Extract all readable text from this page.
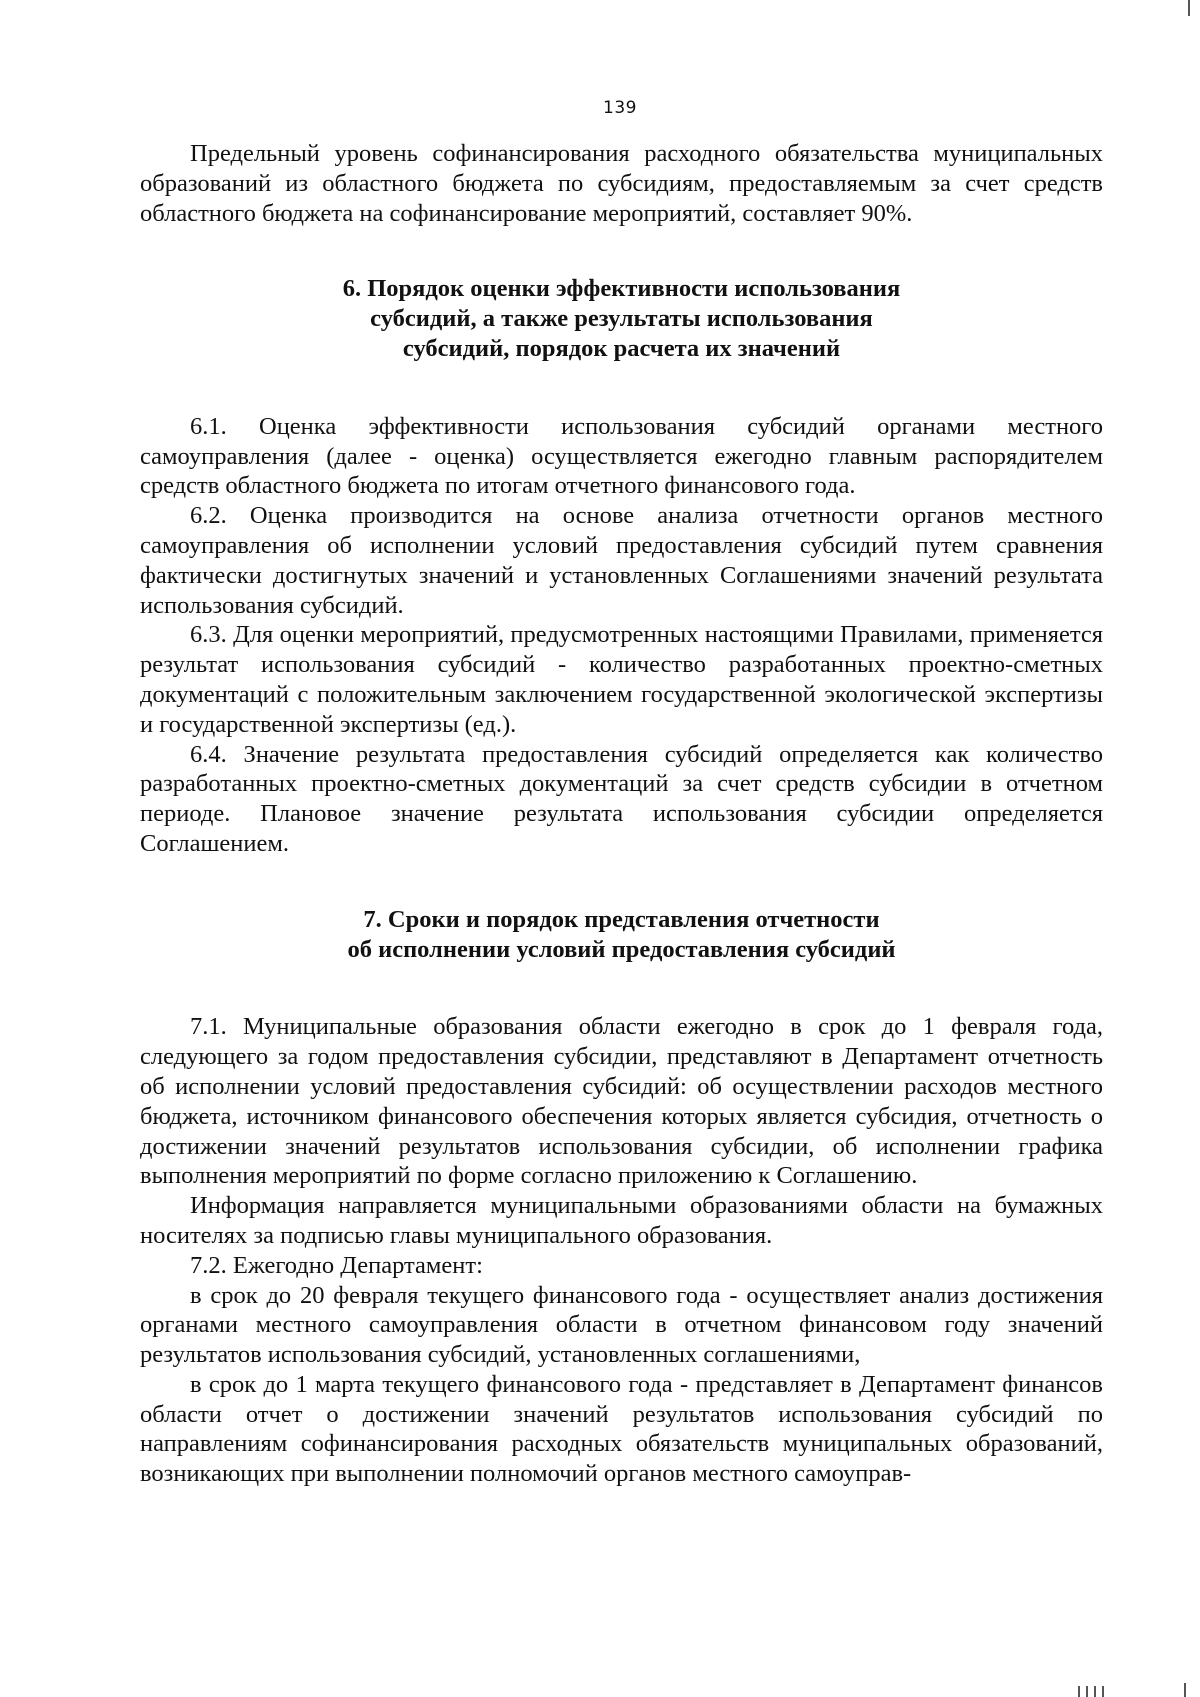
139

Предельный уровень софинансирования расходного обязательства муниципальных образований из областного бюджета по субсидиям, предоставляемым за счет средств областного бюджета на софинансирование мероприятий, составляет 90%.

6. Порядок оценки эффективности использования
субсидий, а также результаты использования
субсидий, порядок расчета их значений

6.1. Оценка эффективности использования субсидий органами местного самоуправления (далее - оценка) осуществляется ежегодно главным распорядителем средств областного бюджета по итогам отчетного финансового года.

6.2. Оценка производится на основе анализа отчетности органов местного самоуправления об исполнении условий предоставления субсидий путем сравнения фактически достигнутых значений и установленных Соглашениями значений результата использования субсидий.

6.3. Для оценки мероприятий, предусмотренных настоящими Правилами, применяется результат использования субсидий - количество разработанных проектно-сметных документаций с положительным заключением государственной экологической экспертизы и государственной экспертизы (ед.).

6.4. Значение результата предоставления субсидий определяется как количество разработанных проектно-сметных документаций за счет средств субсидии в отчетном периоде. Плановое значение результата использования субсидии определяется Соглашением.

7. Сроки и порядок представления отчетности
об исполнении условий предоставления субсидий

7.1. Муниципальные образования области ежегодно в срок до 1 февраля года, следующего за годом предоставления субсидии, представляют в Департамент отчетность об исполнении условий предоставления субсидий: об осуществлении расходов местного бюджета, источником финансового обеспечения которых является субсидия, отчетность о достижении значений результатов использования субсидии, об исполнении графика выполнения мероприятий по форме согласно приложению к Соглашению.

Информация направляется муниципальными образованиями области на бумажных носителях за подписью главы муниципального образования.

7.2. Ежегодно Департамент:

в срок до 20 февраля текущего финансового года - осуществляет анализ достижения органами местного самоуправления области в отчетном финансовом году значений результатов использования субсидий, установленных соглашениями,

в срок до 1 марта текущего финансового года - представляет в Департамент финансов области отчет о достижении значений результатов использования субсидий по направлениям софинансирования расходных обязательств муниципальных образований, возникающих при выполнении полномочий органов местного самоуправ-
